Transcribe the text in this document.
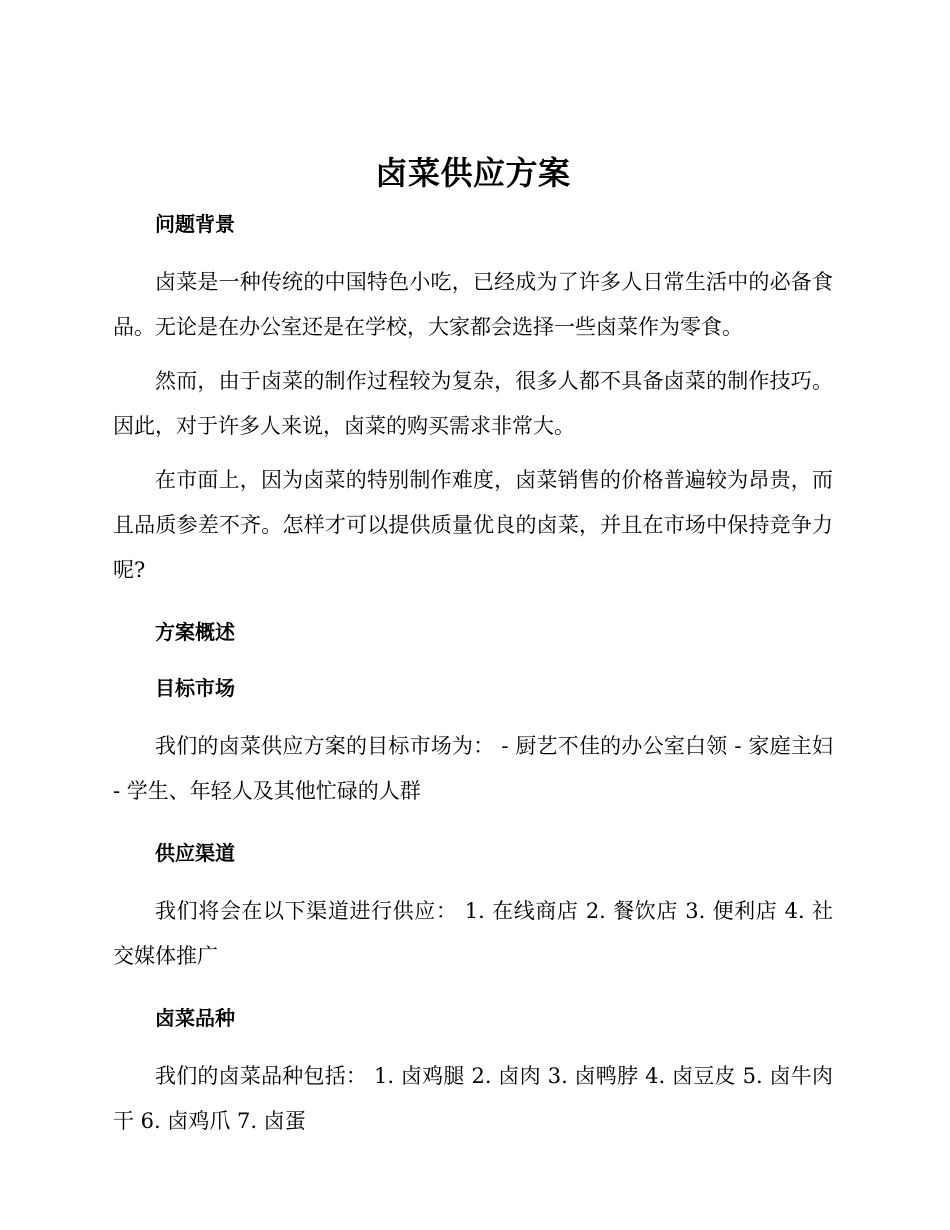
卤菜供应方案
问题背景

卤菜是一种传统的中国特色小吃，已经成为了许多人日常生活中的必备食品。无论是在办公室还是在学校，大家都会选择一些卤菜作为零食。

然而，由于卤菜的制作过程较为复杂，很多人都不具备卤菜的制作技巧。因此，对于许多人来说，卤菜的购买需求非常大。

在市面上，因为卤菜的特别制作难度，卤菜销售的价格普遍较为昂贵，而且品质参差不齐。怎样才可以提供质量优良的卤菜，并且在市场中保持竞争力呢?

方案概述
目标市场

我们的卤菜供应方案的目标市场为： - 厨艺不佳的办公室白领 - 家庭主妇 - 学生、年轻人及其他忙碌的人群

供应渠道

我们将会在以下渠道进行供应： 1. 在线商店 2. 餐饮店 3. 便利店 4. 社交媒体推广

卤菜品种

我们的卤菜品种包括： 1. 卤鸡腿 2. 卤肉 3. 卤鸭脖 4. 卤豆皮 5. 卤牛肉干 6. 卤鸡爪 7. 卤蛋
